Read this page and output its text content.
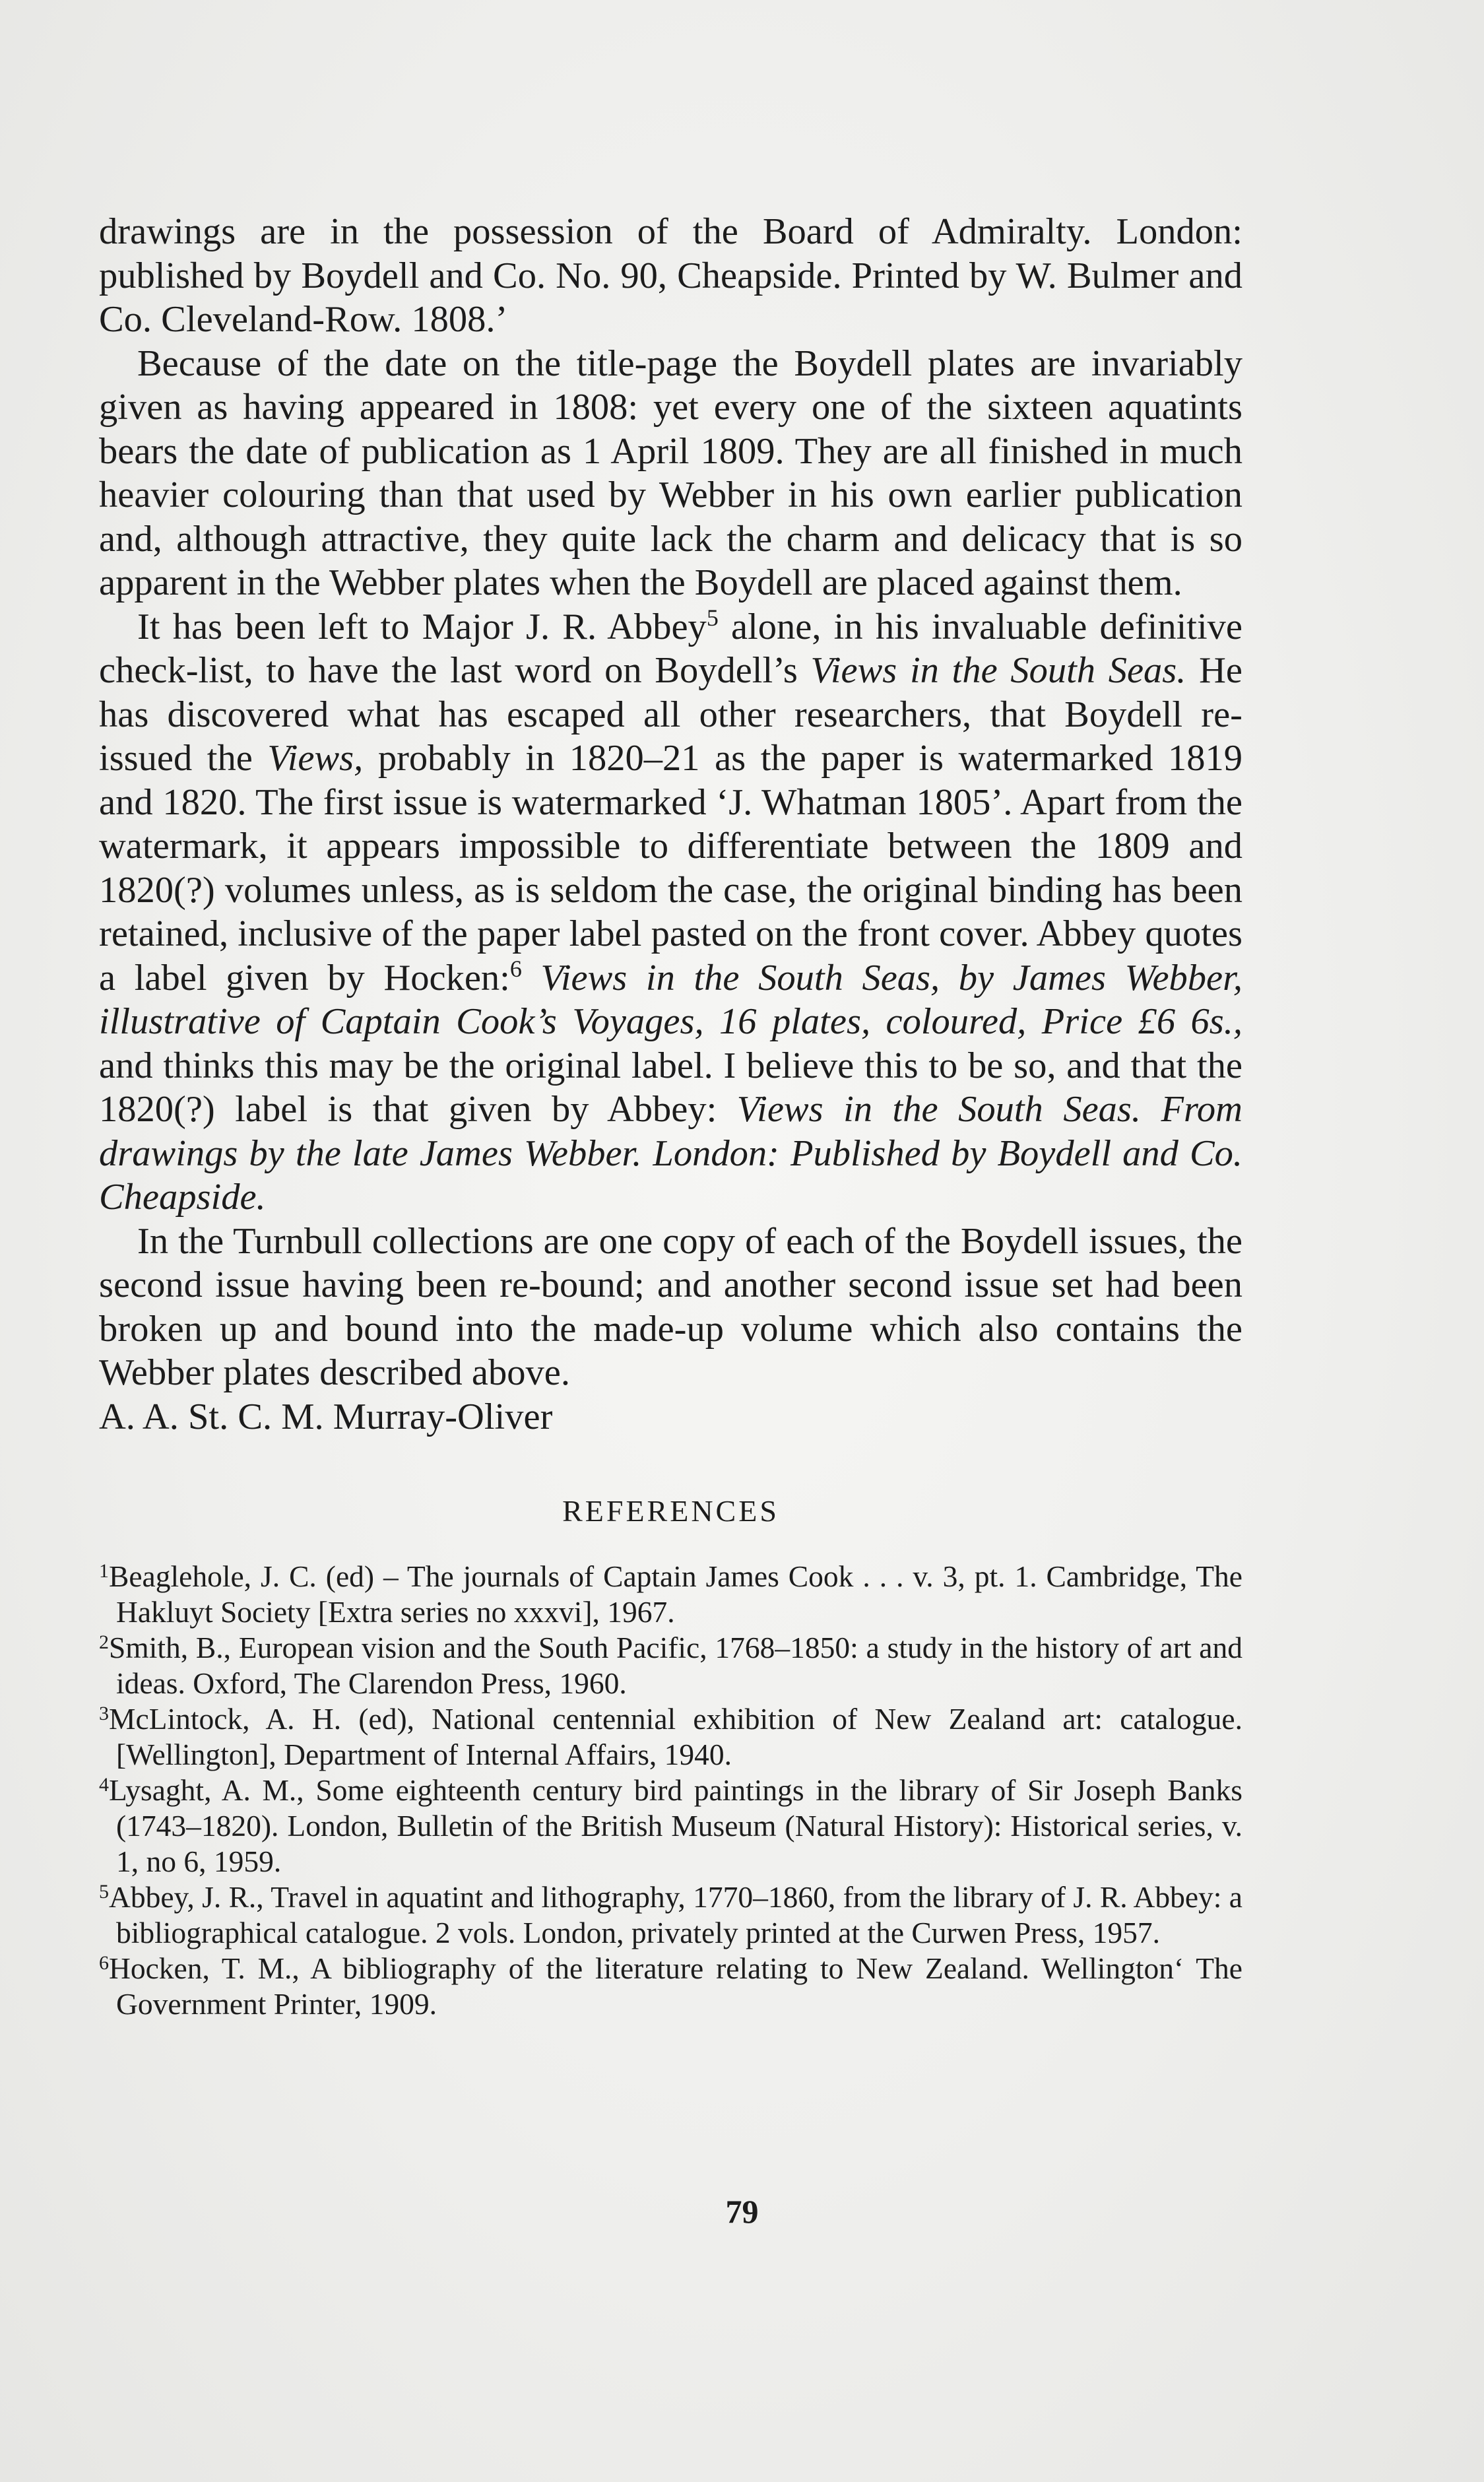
drawings are in the possession of the Board of Admiralty. London: published by Boydell and Co. No. 90, Cheapside. Printed by W. Bulmer and Co. Cleveland-Row. 1808.’

Because of the date on the title-page the Boydell plates are invariably given as having appeared in 1808: yet every one of the sixteen aquatints bears the date of publication as 1 April 1809. They are all finished in much heavier colouring than that used by Webber in his own earlier publication and, although attractive, they quite lack the charm and delicacy that is so apparent in the Webber plates when the Boydell are placed against them.

It has been left to Major J. R. Abbey$^5$ alone, in his invaluable definitive check-list, to have the last word on Boydell’s Views in the South Seas. He has discovered what has escaped all other researchers, that Boydell re-issued the Views, probably in 1820–21 as the paper is watermarked 1819 and 1820. The first issue is watermarked ‘J. Whatman 1805’. Apart from the watermark, it appears impossible to differentiate between the 1809 and 1820(?) volumes unless, as is seldom the case, the original binding has been retained, inclusive of the paper label pasted on the front cover. Abbey quotes a label given by Hocken:$^6$ Views in the South Seas, by James Webber, illustrative of Captain Cook’s Voyages, 16 plates, coloured, Price £6 6s., and thinks this may be the original label. I believe this to be so, and that the 1820(?) label is that given by Abbey: Views in the South Seas. From drawings by the late James Webber. London: Published by Boydell and Co. Cheapside.

In the Turnbull collections are one copy of each of the Boydell issues, the second issue having been re-bound; and another second issue set had been broken up and bound into the made-up volume which also contains the Webber plates described above.

A. A. St. C. M. Murray-Oliver

REFERENCES

$^1$Beaglehole, J. C. (ed) – The journals of Captain James Cook . . . v. 3, pt. 1. Cambridge, The Hakluyt Society [Extra series no xxxvi], 1967.

$^2$Smith, B., European vision and the South Pacific, 1768–1850: a study in the history of art and ideas. Oxford, The Clarendon Press, 1960.

$^3$McLintock, A. H. (ed), National centennial exhibition of New Zealand art: catalogue. [Wellington], Department of Internal Affairs, 1940.

$^4$Lysaght, A. M., Some eighteenth century bird paintings in the library of Sir Joseph Banks (1743–1820). London, Bulletin of the British Museum (Natural History): Historical series, v. 1, no 6, 1959.

$^5$Abbey, J. R., Travel in aquatint and lithography, 1770–1860, from the library of J. R. Abbey: a bibliographical catalogue. 2 vols. London, privately printed at the Curwen Press, 1957.

$^6$Hocken, T. M., A bibliography of the literature relating to New Zealand. Wellington‘ The Government Printer, 1909.

79
